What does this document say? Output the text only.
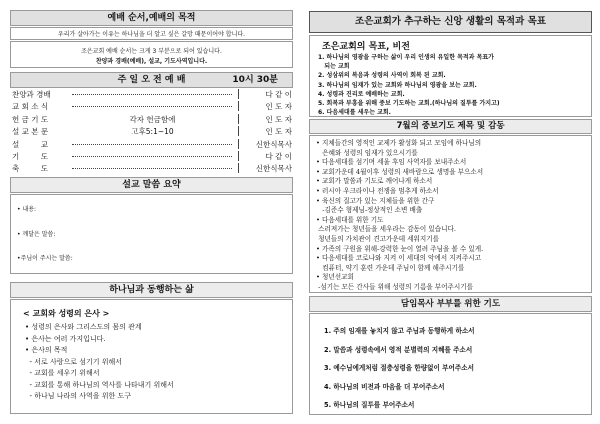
예배 순서,예배의 목적
우리가 살아가는 이유는 하나님을 더 알고 싶은 갈망 때문이어야 합니다.
조은교회 예배 순서는 크게 3 부분으로 되어 있습니다.
찬양과 경배(예배), 설교, 기도사역입니다.
주 일 오 전 예 배	10시 30분
찬양과 경배	다 같 이
교 회 소 식	인 도 자
헌 금 기 도	각자 헌금함에	인 도 자
설 교 본 문	고후5:1~10	인 도 자
설         교	신한식목사
기         도	다 같 이
축         도	신한식목사
설교 말씀 요약
• 내용:
• 깨달은 말씀:
•주님이 주시는 말씀:
하나님과 동행하는 삶
< 교회와 성령의 은사 >
• 성령의 은사와 그리스도의 몸의 관계
• 은사는 여러 가지입니다.
• 은사의 목적
- 서로 사랑으로 섬기기 위해서
- 교회를 세우기 위해서
- 교회를 통해 하나님의 역사를 나타내기 위해서
- 하나님 나라의 사역을 위한 도구
조은교회가 추구하는 신앙 생활의 목적과 목표
조은교회의 목표, 비전
1. 하나님의 영광을 구하는 삶이 우리 인생의 유일한 목적과 목표가
되는 교회
2. 성삼위의 복음과 성령의 사역이 회복 된 교회.
3. 하나님의 임재가 있는 교회와 하나님의 영광을 보는 교회.
4. 성령과 진리로 예배하는 교회.
5. 회복과 부흥을 위해 중보 기도하는 교회.(하나님의 질투를 가지고)
6. 다음세대를 세우는 교회.
7월의 중보기도 제목 및 감동
• 지체들간의 영적인 교제가 활성화 되고 모임에 하나님의
은혜와 성령의 임재가 있으시기를
• 다음세대를 섬기며 세울 후임 사역자를 보내주소서
• 교회가운데 4월이후 성령의 새바람으로 생명을 부으소서
• 교회가 말씀과 기도로 깨어나게 하소서
• 러시아 우크라이나 전쟁을 멈추게 하소서
• 육신의 질고가 있는 지체들을 위한 간구
-김준수 형제님-정상적인 소변 배출
• 다음세대를 위한 기도
스러져가는 청년들을 세우라는 감동이 있습니다.
청년들의 가치관이 견고가운데 세워지기를
• 가족의 구원을 위해-강력한 눈이 열려 주님을 볼 수 있게.
• 다음세대를 코로나와 지켜 이 세대의 악에서 지켜주시고
컴퓨터, 약기 훈련 가운데 주님이 함께 해주시기를
• 청년선교회
-섬기는 모든 간사들 위해 성령의 기름을 부어주시기를
담임목사 부부를 위한 기도
1. 주의 임재를 놓치지 않고 주님과 동행하게 하소서
2. 말씀과 성령속에서 영적 분별력의 지혜를 주소서
3. 예수님에게처럼 절충성령을 한량없이 부어주소서
4. 하나님의 비전과 마음을 더 부어주소서
5. 하나님의 질투를 부어주소서
